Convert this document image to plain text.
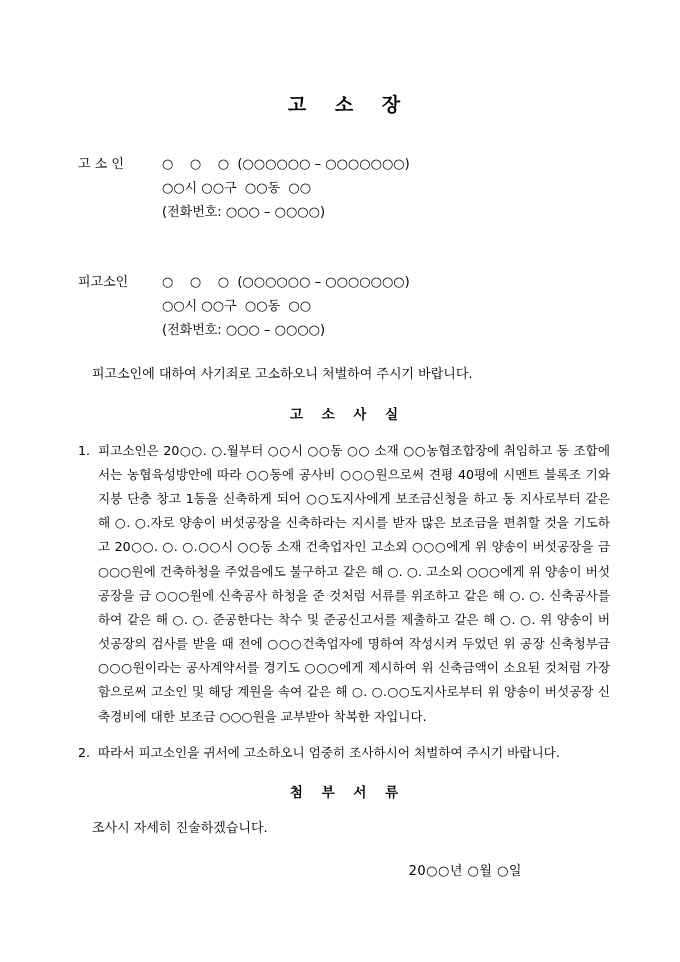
고 소 장
고 소 인	○    ○    ○  (○○○○○○ – ○○○○○○○)
○○시 ○○구  ○○동  ○○
(전화번호: ○○○ – ○○○○)
피고소인	○    ○    ○  (○○○○○○ – ○○○○○○○)
○○시 ○○구  ○○동  ○○
(전화번호: ○○○ – ○○○○)
피고소인에 대하여 사기죄로 고소하오니 처벌하여 주시기 바랍니다.
고 소 사 실
1. 피고소인은 20○○. ○.월부터 ○○시 ○○동 ○○ 소재 ○○농협조합장에 취임하고 동 조합에서는 농협육성방안에 따라 ○○동에 공사비 ○○○원으로써 견평 40평에 시멘트 블록조 기와지붕 단층 창고 1동을 신축하게 되어 ○○도지사에게 보조금신청을 하고 동 지사로부터 같은 해 ○. ○.자로 양송이 버섯공장을 신축하라는 지시를 받자 많은 보조금을 편취할 것을 기도하고 20○○. ○. ○.○○시 ○○동 소재 건축업자인 고소외 ○○○에게 위 양송이 버섯공장을 금 ○○○원에 건축하청을 주었음에도 불구하고 같은 해 ○. ○. 고소외 ○○○에게 위 양송이 버섯공장을 금 ○○○원에 신축공사 하청을 준 것처럼 서류를 위조하고 같은 해 ○. ○. 신축공사를 하여 같은 해 ○. ○. 준공한다는 착수 및 준공신고서를 제출하고 같은 해 ○. ○. 위 양송이 버섯공장의 검사를 받을 때 전에 ○○○건축업자에 명하여 작성시켜 두었던 위 공장 신축청부금 ○○○원이라는 공사계약서를 경기도 ○○○에게 제시하여 위 신축금액이 소요된 것처럼 가장함으로써 고소인 및 해당 계원을 속여 같은 해 ○. ○.○○도지사로부터 위 양송이 버섯공장 신축경비에 대한 보조금 ○○○원을 교부받아 착복한 자입니다.
2. 따라서 피고소인을 귀서에 고소하오니 엄중히 조사하시어 처벌하여 주시기 바랍니다.
첨 부 서 류
조사시 자세히 진술하겠습니다.
20○○년 ○월 ○일
